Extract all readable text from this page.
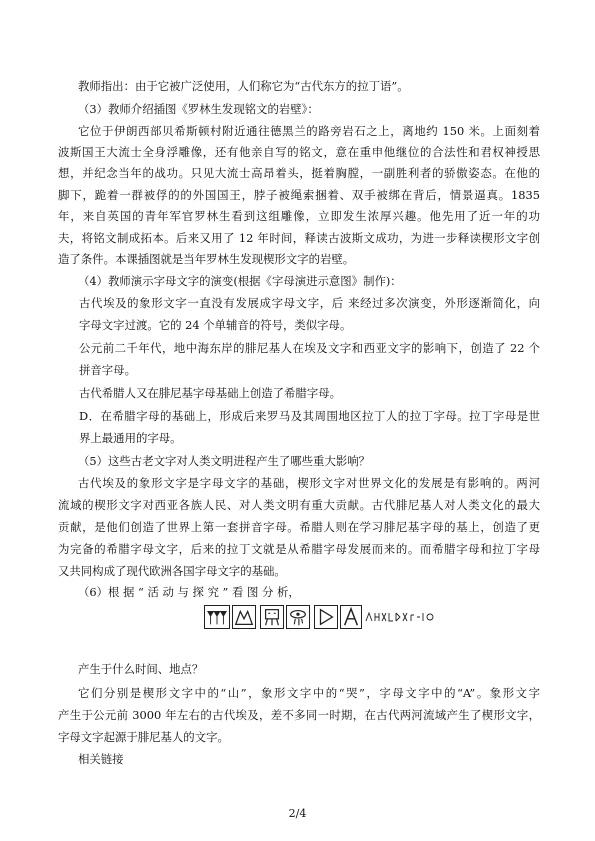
教师指出：由于它被广泛使用，人们称它为“古代东方的拉丁语”。
（3）教师介绍插图《罗林生发现铭文的岩壁》：
它位于伊朗西部贝希斯顿村附近通往德黑兰的路旁岩石之上，离地约 150 米。上面刻着
波斯国王大流士全身浮雕像，还有他亲自写的铭文，意在重申他继位的合法性和君权神授思
想，并纪念当年的战功。只见大流士高昂着头，挺着胸膛，一副胜利者的骄傲姿态。在他的
脚下，跪着一群被俘的的外国国王，脖子被绳索捆着、双手被绑在背后，情景逼真。1835
年，来自英国的青年军官罗林生看到这组雕像，立即发生浓厚兴趣。他先用了近一年的功
夫，将铭文制成拓本。后来又用了 12 年时间，释读古波斯文成功，为进一步释读楔形文字创
造了条件。本课插图就是当年罗林生发现楔形文字的岩壁。
（4）教师演示字母文字的演变(根据《字母演进示意图》制作)：
古代埃及的象形文字一直没有发展成字母文字，后 来经过多次演变，外形逐渐简化，向
字母文字过渡。它的 24 个单辅音的符号，类似字母。
公元前二千年代，地中海东岸的腓尼基人在埃及文字和西亚文字的影响下，创造了 22 个
拼音字母。
古代希腊人又在腓尼基字母基础上创造了希腊字母。
D．在希腊字母的基础上，形成后来罗马及其周围地区拉丁人的拉丁字母。拉丁字母是世
界上最通用的字母。
（5）这些古老文字对人类文明进程产生了哪些重大影响？
古代埃及的象形文字是字母文字的基础，楔形文字对世界文化的发展是有影响的。两河
流域的楔形文字对西亚各族人民、对人类文明有重大贡献。古代腓尼基人对人类文化的最大
贡献，是他们创造了世界上第一套拼音字母。希腊人则在学习腓尼基字母的基上，创造了更
为完备的希腊字母文字，后来的拉丁文就是从希腊字母发展而来的。而希腊字母和拉丁字母
又共同构成了现代欧洲各国字母文字的基础。
（6）根 据 “ 活 动 与 探 究 ” 看 图 分 析，
产生于什么时间、地点？
它们分别是楔形文字中的“山”，象形文字中的“哭”，字母文字中的“A”。象形文字
产生于公元前 3000 年左右的古代埃及，差不多同一时期，在古代两河流域产生了楔形文字，
字母文字起源于腓尼基人的文字。
相关链接
2/4
